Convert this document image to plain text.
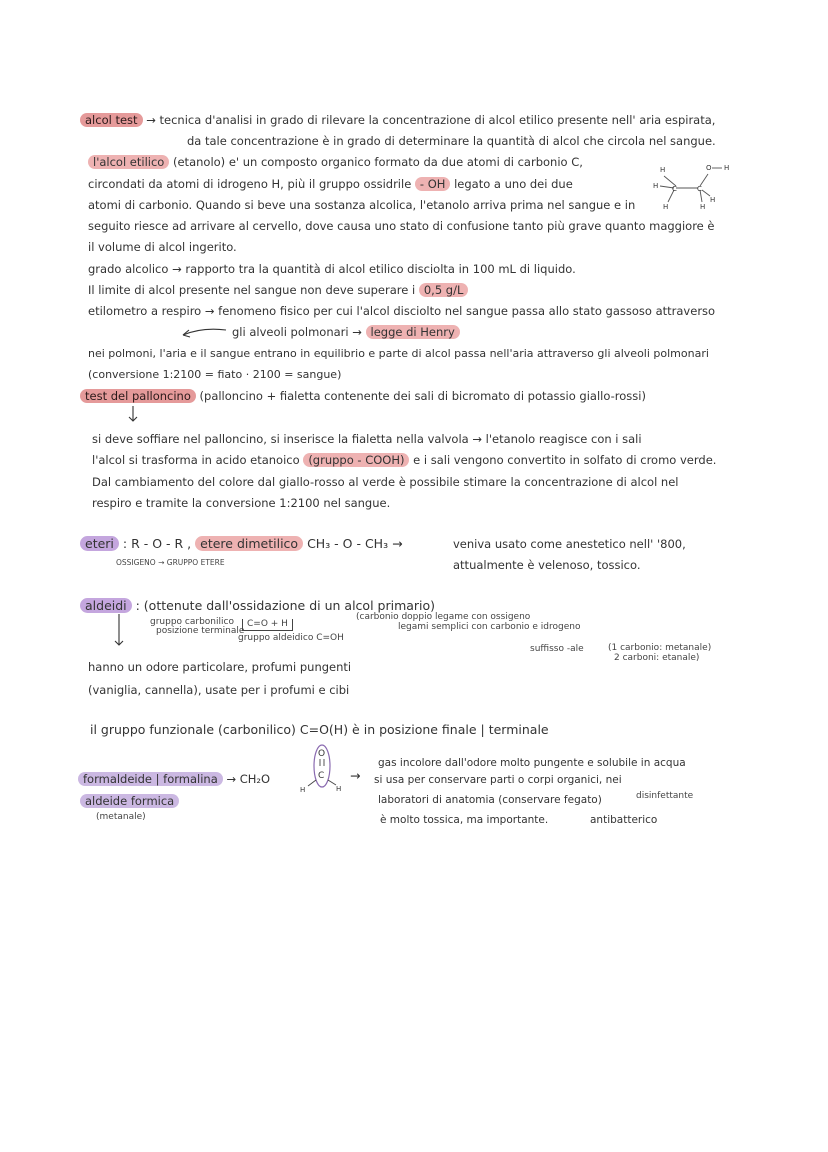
alcol test → tecnica d'analisi in grado di rilevare la concentrazione di alcol etilico presente nell' aria espirata,
da tale concentrazione è in grado di determinare la quantità di alcol che circola nel sangue.
l'alcol etilico (etanolo) e' un composto organico formato da due atomi di carbonio C,
circondati da atomi di idrogeno H, più il gruppo ossidrile - OH legato a uno dei due
atomi di carbonio. Quando si beve una sostanza alcolica, l'etanolo arriva prima nel sangue e in
seguito riesce ad arrivare al cervello, dove causa uno stato di confusione tanto più grave quanto maggiore è
il volume di alcol ingerito.
grado alcolico → rapporto tra la quantità di alcol etilico disciolta in 100 mL di liquido.
Il limite di alcol presente nel sangue non deve superare i 0,5 g/L
etilometro a respiro → fenomeno fisico per cui l'alcol disciolto nel sangue passa allo stato gassoso attraverso
gli alveoli polmonari → legge di Henry
nei polmoni, l'aria e il sangue entrano in equilibrio e parte di alcol passa nell'aria attraverso gli alveoli polmonari
(conversione 1:2100 = fiato · 2100 = sangue)
test del palloncino (palloncino + fialetta contenente dei sali di bicromato di potassio giallo-rossi)
si deve soffiare nel palloncino, si inserisce la fialetta nella valvola → l'etanolo reagisce con i sali
l'alcol si trasforma in acido etanoico (gruppo - COOH) e i sali vengono convertito in solfato di cromo verde.
Dal cambiamento del colore dal giallo-rosso al verde è possibile stimare la concentrazione di alcol nel
respiro e tramite la conversione 1:2100 nel sangue.
H
H C
H
C
O H
H
H
eteri : R - O - R , etere dimetilico CH₃ - O - CH₃ →	veniva usato come anestetico nell' '800,
attualmente è velenoso, tossico.
OSSIGENO → GRUPPO ETERE
aldeidi : (ottenute dall'ossidazione di un alcol primario)
gruppo carbonilico
posizione terminale
C=O + H
gruppo aldeidico C=OH
(carbonio doppio legame con ossigeno
legami semplici con carbonio e idrogeno
suffisso -ale	(1 carbonio: metanale)
2 carboni: etanale)
hanno un odore particolare, profumi pungenti
(vaniglia, cannella), usate per i profumi e cibi
il gruppo funzionale (carbonilico) C=O(H) è in posizione finale | terminale
formaldeide | formalina → CH₂O
aldeide formica
(metanale)
O
C
H	H
→
gas incolore dall'odore molto pungente e solubile in acqua
si usa per conservare parti o corpi organici, nei
laboratori di anatomia (conservare fegato)	disinfettante
è molto tossica, ma importante.	antibatterico
